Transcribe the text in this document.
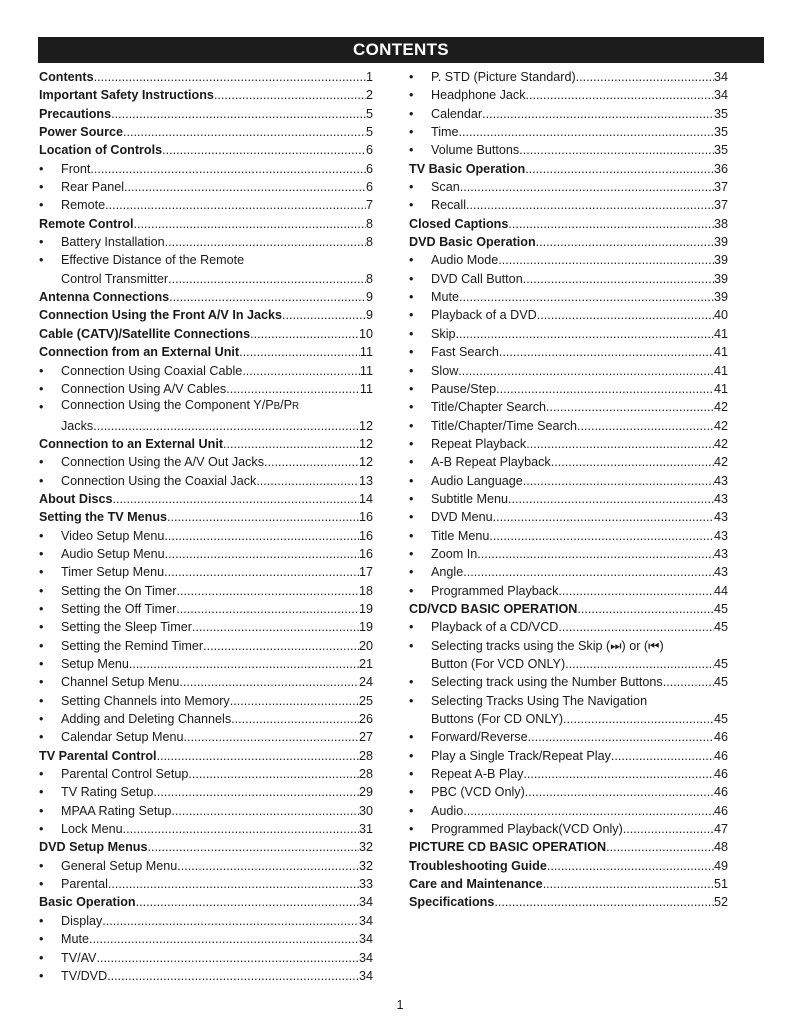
CONTENTS
Contents .....	1
Important Safety Instructions .....	2
Precautions .....	5
Power Source .....	5
Location of Controls .....	6
•	Front .....	6
•	Rear Panel .....	6
•	Remote .....	7
Remote Control .....	8
•	Battery Installation .....	8
•	Effective Distance of the Remote
Control Transmitter .....	8
Antenna Connections .....	9
Connection Using the Front A/V In Jacks .....	9
Cable (CATV)/Satellite Connections .....	10
Connection from an External Unit .....	11
•	Connection Using Coaxial Cable .....	11
•	Connection Using A/V Cables .....	11
•	Connection Using the Component Y/PB/PR
Jacks .....	12
Connection to an External Unit .....	12
•	Connection Using the A/V Out Jacks .....	12
•	Connection Using the Coaxial Jack .....	13
About Discs .....	14
Setting the TV Menus .....	16
•	Video Setup Menu .....	16
•	Audio Setup Menu .....	16
•	Timer Setup Menu .....	17
•	Setting the On Timer .....	18
•	Setting the Off Timer .....	19
•	Setting the Sleep Timer .....	19
•	Setting the Remind Timer .....	20
•	Setup Menu .....	21
•	Channel Setup Menu .....	24
•	Setting Channels into Memory .....	25
•	Adding and Deleting Channels .....	26
•	Calendar Setup Menu .....	27
TV Parental Control .....	28
•	Parental Control Setup .....	28
•	TV Rating Setup .....	29
•	MPAA Rating Setup .....	30
•	Lock Menu .....	31
DVD Setup Menus .....	32
•	General Setup Menu .....	32
•	Parental .....	33
Basic Operation .....	34
•	Display .....	34
•	Mute .....	34
•	TV/AV .....	34
•	TV/DVD .....	34
•	P. STD (Picture Standard) .....	34
•	Headphone Jack .....	34
•	Calendar .....	35
•	Time .....	35
•	Volume Buttons .....	35
TV Basic Operation .....	36
•	Scan .....	37
•	Recall .....	37
Closed Captions .....	38
DVD Basic Operation .....	39
•	Audio Mode .....	39
•	DVD Call Button .....	39
•	Mute .....	39
•	Playback of a DVD .....	40
•	Skip .....	41
•	Fast Search .....	41
•	Slow .....	41
•	Pause/Step .....	41
•	Title/Chapter Search .....	42
•	Title/Chapter/Time Search .....	42
•	Repeat Playback .....	42
•	A-B Repeat Playback .....	42
•	Audio Language .....	43
•	Subtitle Menu .....	43
•	DVD Menu .....	43
•	Title Menu .....	43
•	Zoom In .....	43
•	Angle .....	43
•	Programmed Playback .....	44
CD/VCD BASIC OPERATION .....	45
•	Playback of a CD/VCD .....	45
•	Selecting tracks using the Skip (⏭) or (⏮)
Button (For VCD ONLY) .....	45
•	Selecting track using the Number Buttons .....	45
•	Selecting Tracks Using The Navigation
Buttons (For CD ONLY) .....	45
•	Forward/Reverse .....	46
•	Play a Single Track/Repeat Play .....	46
•	Repeat A-B Play .....	46
•	PBC (VCD Only) .....	46
•	Audio .....	46
•	Programmed Playback(VCD Only) .....	47
PICTURE CD BASIC OPERATION .....	48
Troubleshooting Guide .....	49
Care and Maintenance .....	51
Specifications .....	52
1
